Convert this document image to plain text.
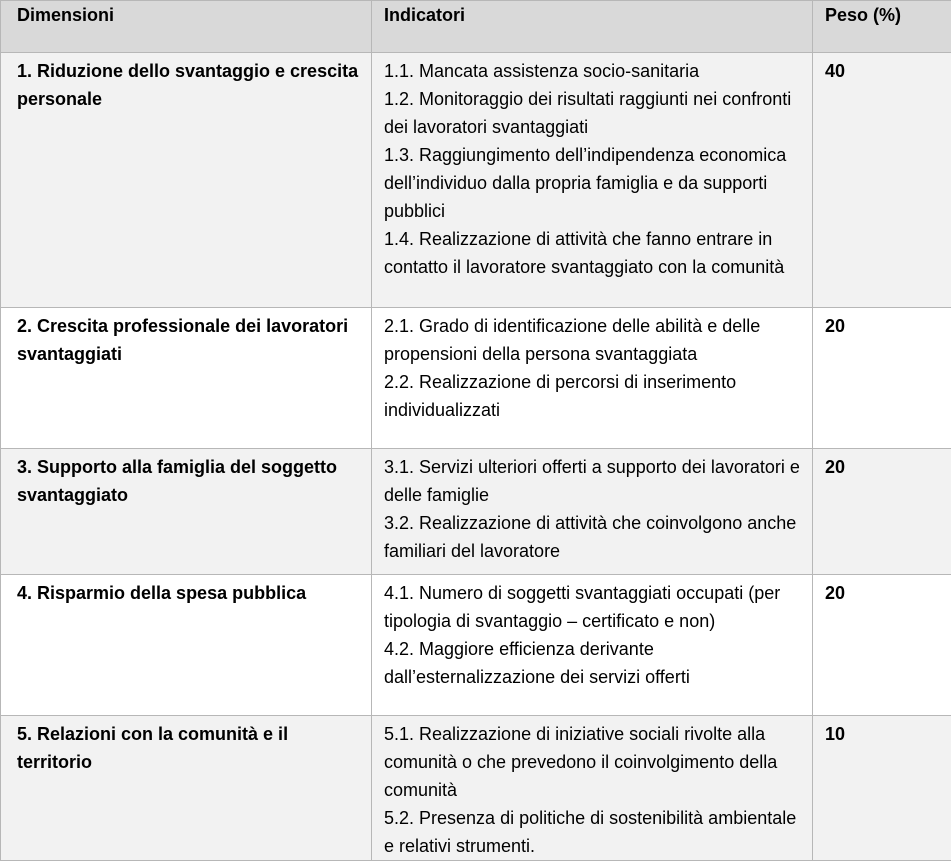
Dimensioni	Indicatori	Peso (%)
1. Riduzione dello svantaggio e crescita personale	1.1. Mancata assistenza socio-sanitaria
1.2. Monitoraggio dei risultati raggiunti nei confronti dei lavoratori svantaggiati
1.3. Raggiungimento dell’indipendenza economica dell’individuo dalla propria famiglia e da supporti pubblici
1.4. Realizzazione di attività che fanno entrare in contatto il lavoratore svantaggiato con la comunità	40
2. Crescita professionale dei lavoratori svantaggiati	2.1. Grado di identificazione delle abilità e delle propensioni della persona svantaggiata
2.2. Realizzazione di percorsi di inserimento individualizzati	20
3. Supporto alla famiglia del soggetto svantaggiato	3.1. Servizi ulteriori offerti a supporto dei lavoratori e delle famiglie
3.2. Realizzazione di attività che coinvolgono anche familiari del lavoratore	20
4. Risparmio della spesa pubblica	4.1. Numero di soggetti svantaggiati occupati (per tipologia di svantaggio – certificato e non)
4.2. Maggiore efficienza derivante dall’esternalizzazione dei servizi offerti	20
5. Relazioni con la comunità e il territorio	5.1. Realizzazione di iniziative sociali rivolte alla comunità o che prevedono il coinvolgimento della comunità
5.2. Presenza di politiche di sostenibilità ambientale e relativi strumenti.	10
